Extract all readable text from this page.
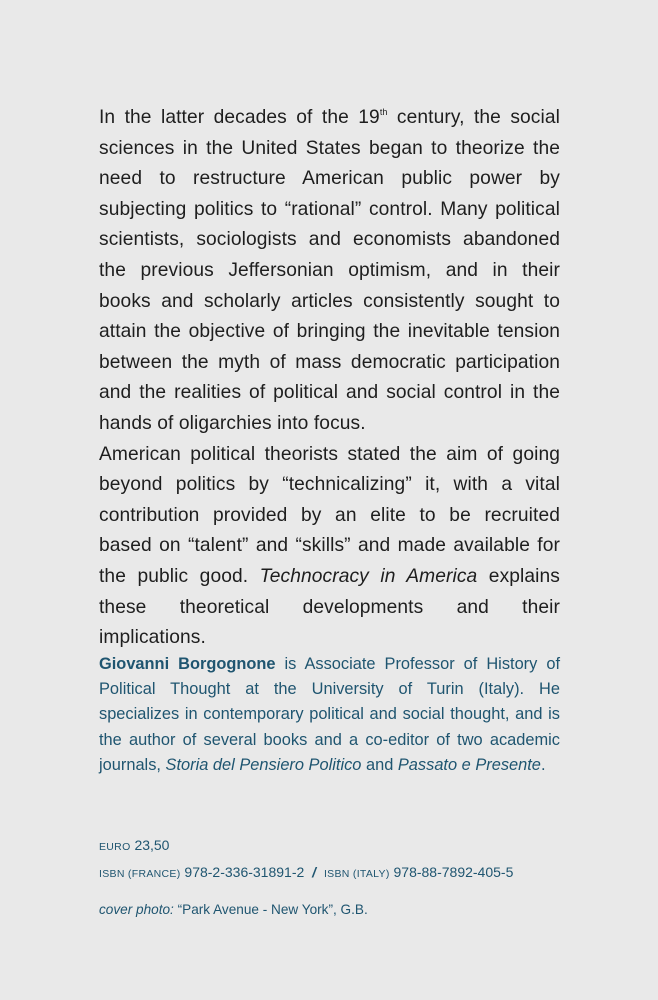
In the latter decades of the 19th century, the social sciences in the United States began to theorize the need to restructure American public power by subjecting politics to “rational” control. Many political scientists, sociologists and economists abandoned the previous Jeffersonian optimism, and in their books and scholarly articles consistently sought to attain the objective of bringing the inevitable tension between the myth of mass democratic participation and the realities of political and social control in the hands of oligarchies into focus.

American political theorists stated the aim of going beyond politics by “technicalizing” it, with a vital contribution provided by an elite to be recruited based on “talent” and “skills” and made available for the public good. Technocracy in America explains these theoretical developments and their implications.

Giovanni Borgognone is Associate Professor of History of Political Thought at the University of Turin (Italy). He specializes in contemporary political and social thought, and is the author of several books and a co-editor of two academic journals, Storia del Pensiero Politico and Passato e Presente.

EURO 23,50
ISBN (FRANCE) 978-2-336-31891-2 / ISBN (ITALY) 978-88-7892-405-5
cover photo: “Park Avenue - New York”, G.B.
